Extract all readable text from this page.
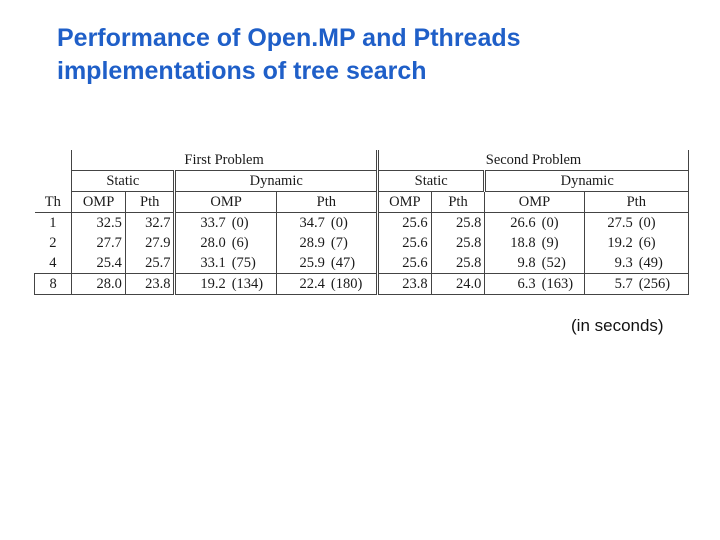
Performance of Open.MP and Pthreads
implementations of tree search
	First Problem						Second Problem					
	Static		Dynamic				Static		Dynamic			
Th	OMP	Pth	OMP		Pth		OMP	Pth	OMP		Pth	
1	32.5	32.7	33.7	(0)	34.7	(0)	25.6	25.8	26.6	(0)	27.5	(0)
2	27.7	27.9	28.0	(6)	28.9	(7)	25.6	25.8	18.8	(9)	19.2	(6)
4	25.4	25.7	33.1	(75)	25.9	(47)	25.6	25.8	9.8	(52)	9.3	(49)
8	28.0	23.8	19.2	(134)	22.4	(180)	23.8	24.0	6.3	(163)	5.7	(256)
(in seconds)
